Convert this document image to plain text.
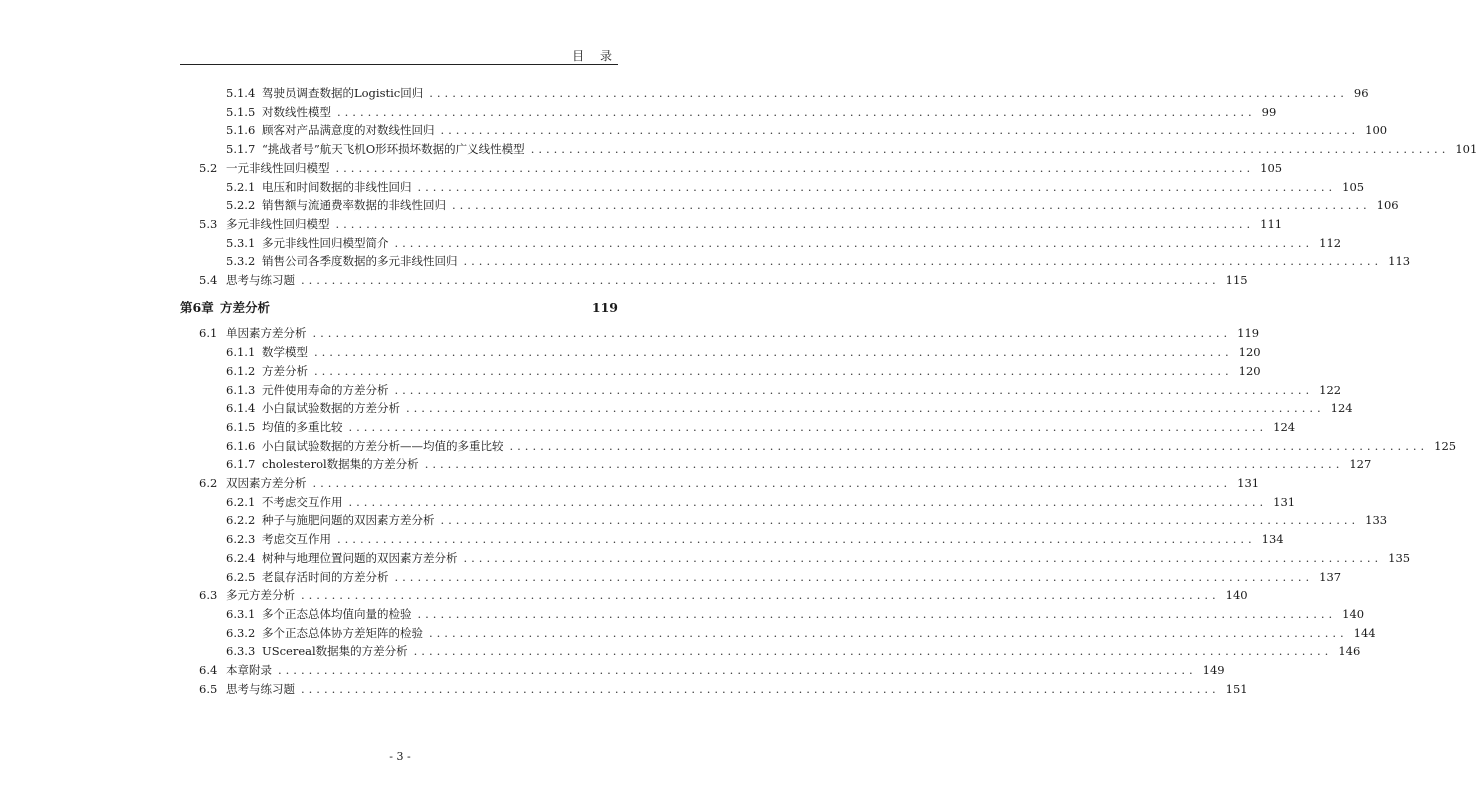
目 录
5.1.4 驾驶员调查数据的Logistic回归 ........................................................................................................................ 96
5.1.5 对数线性模型 ........................................................................................................................ 99
5.1.6 顾客对产品满意度的对数线性回归 ........................................................................................................................ 100
5.1.7 “挑战者号”航天飞机O形环损坏数据的广义线性模型 ........................................................................................................................ 101
5.2 一元非线性回归模型 ........................................................................................................................ 105
5.2.1 电压和时间数据的非线性回归 ........................................................................................................................ 105
5.2.2 销售额与流通费率数据的非线性回归 ........................................................................................................................ 106
5.3 多元非线性回归模型 ........................................................................................................................ 111
5.3.1 多元非线性回归模型简介 ........................................................................................................................ 112
5.3.2 销售公司各季度数据的多元非线性回归 ........................................................................................................................ 113
5.4 思考与练习题 ........................................................................................................................ 115
第6章 方差分析	119
6.1 单因素方差分析 ........................................................................................................................ 119
6.1.1 数学模型 ........................................................................................................................ 120
6.1.2 方差分析 ........................................................................................................................ 120
6.1.3 元件使用寿命的方差分析 ........................................................................................................................ 122
6.1.4 小白鼠试验数据的方差分析 ........................................................................................................................ 124
6.1.5 均值的多重比较 ........................................................................................................................ 124
6.1.6 小白鼠试验数据的方差分析——均值的多重比较 ........................................................................................................................ 125
6.1.7 cholesterol数据集的方差分析 ........................................................................................................................ 127
6.2 双因素方差分析 ........................................................................................................................ 131
6.2.1 不考虑交互作用 ........................................................................................................................ 131
6.2.2 种子与施肥问题的双因素方差分析 ........................................................................................................................ 133
6.2.3 考虑交互作用 ........................................................................................................................ 134
6.2.4 树种与地理位置问题的双因素方差分析 ........................................................................................................................ 135
6.2.5 老鼠存活时间的方差分析 ........................................................................................................................ 137
6.3 多元方差分析 ........................................................................................................................ 140
6.3.1 多个正态总体均值向量的检验 ........................................................................................................................ 140
6.3.2 多个正态总体协方差矩阵的检验 ........................................................................................................................ 144
6.3.3 UScereal数据集的方差分析 ........................................................................................................................ 146
6.4 本章附录 ........................................................................................................................ 149
6.5 思考与练习题 ........................................................................................................................ 151
- 3 -
